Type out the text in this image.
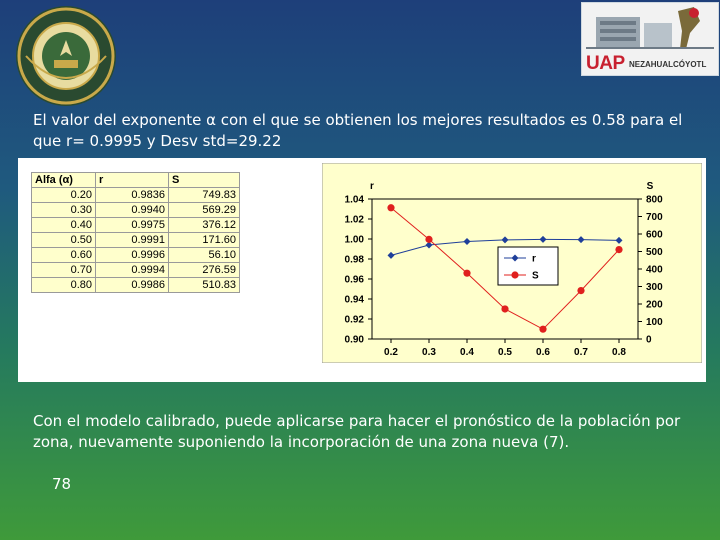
UAP NEZAHUALCÓYOTL
El valor del exponente α con el que se obtienen los mejores resultados es 0.58 para el que r= 0.9995 y Desv std=29.22
Alfa (α)	r	S
0.20	0.9836	749.83
0.30	0.9940	569.29
0.40	0.9975	376.12
0.50	0.9991	171.60
0.60	0.9996	56.10
0.70	0.9994	276.59
0.80	0.9986	510.83
1.04
1.02
1.00
0.98
0.96
0.94
0.92
0.90
800
700
600
500
400
300
200
100
0
0.2 0.3 0.4 0.5 0.6 0.7 0.8
r	S
r
S
Con el modelo calibrado, puede aplicarse para hacer el pronóstico de la población por zona, nuevamente suponiendo la incorporación de una zona nueva (7).
78
